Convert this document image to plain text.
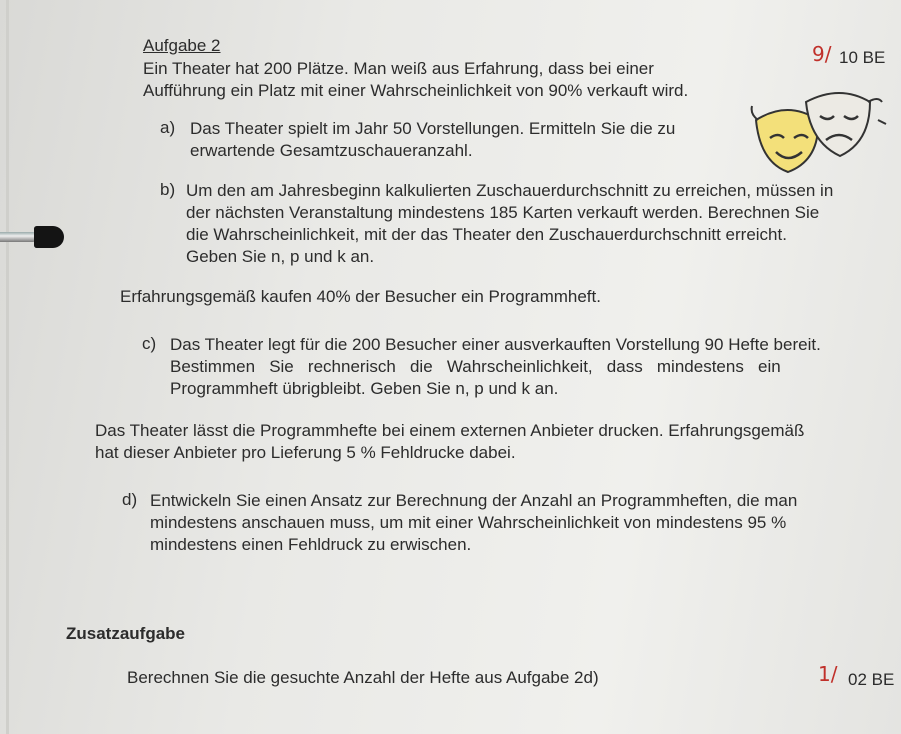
Aufgabe 2	9/ 10 BE
Ein Theater hat 200 Plätze. Man weiß aus Erfahrung, dass bei einer
Aufführung ein Platz mit einer Wahrscheinlichkeit von 90% verkauft wird.
a) Das Theater spielt im Jahr 50 Vorstellungen. Ermitteln Sie die zu
erwartende Gesamtzuschaueranzahl.
b) Um den am Jahresbeginn kalkulierten Zuschauerdurchschnitt zu erreichen, müssen in
der nächsten Veranstaltung mindestens 185 Karten verkauft werden. Berechnen Sie
die Wahrscheinlichkeit, mit der das Theater den Zuschauerdurchschnitt erreicht.
Geben Sie n, p und k an.
Erfahrungsgemäß kaufen 40% der Besucher ein Programmheft.
c) Das Theater legt für die 200 Besucher einer ausverkauften Vorstellung 90 Hefte bereit.
Bestimmen   Sie   rechnerisch   die   Wahrscheinlichkeit,   dass   mindestens   ein
Programmheft übrigbleibt. Geben Sie n, p und k an.
Das Theater lässt die Programmhefte bei einem externen Anbieter drucken. Erfahrungsgemäß
hat dieser Anbieter pro Lieferung 5 % Fehldrucke dabei.
d) Entwickeln Sie einen Ansatz zur Berechnung der Anzahl an Programmheften, die man
mindestens anschauen muss, um mit einer Wahrscheinlichkeit von mindestens 95 %
mindestens einen Fehldruck zu erwischen.
Zusatzaufgabe
Berechnen Sie die gesuchte Anzahl der Hefte aus Aufgabe 2d)	1/ 02 BE
